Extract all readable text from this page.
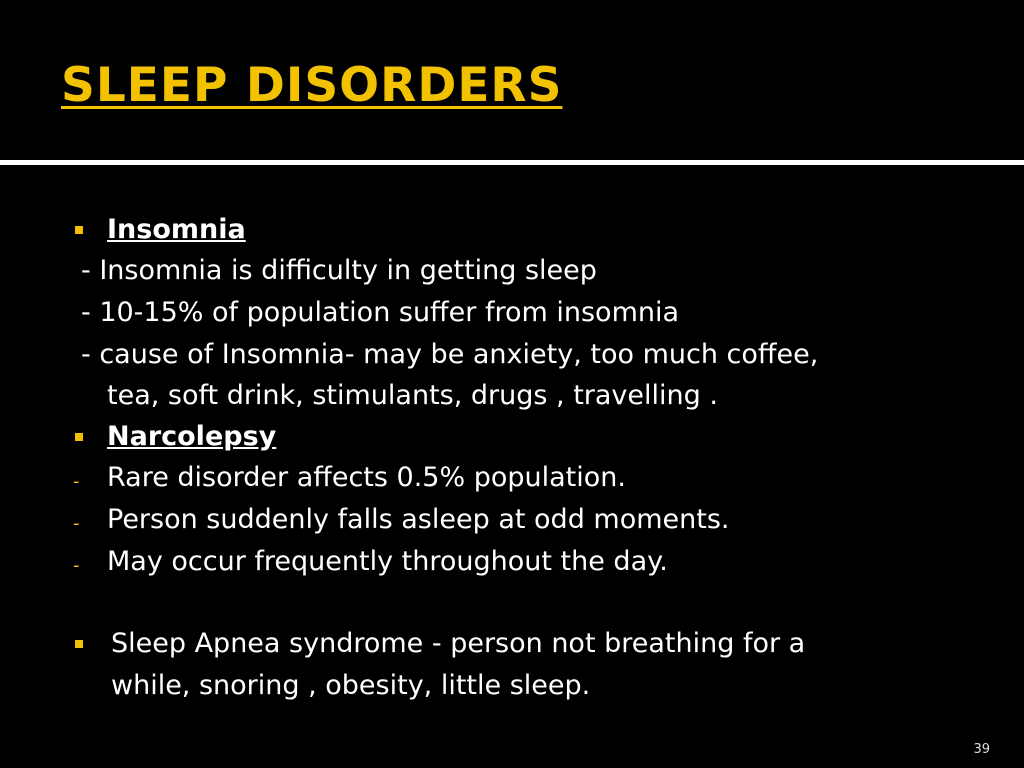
SLEEP DISORDERS
Insomnia
- Insomnia is difficulty in getting sleep
- 10-15% of population suffer from insomnia
- cause of Insomnia- may be anxiety, too much coffee,
tea, soft drink, stimulants, drugs , travelling .
Narcolepsy
- Rare disorder affects 0.5% population.
- Person suddenly falls asleep at odd moments.
- May occur frequently throughout the day.
Sleep Apnea syndrome - person not breathing for a
while, snoring , obesity, little sleep.
39
